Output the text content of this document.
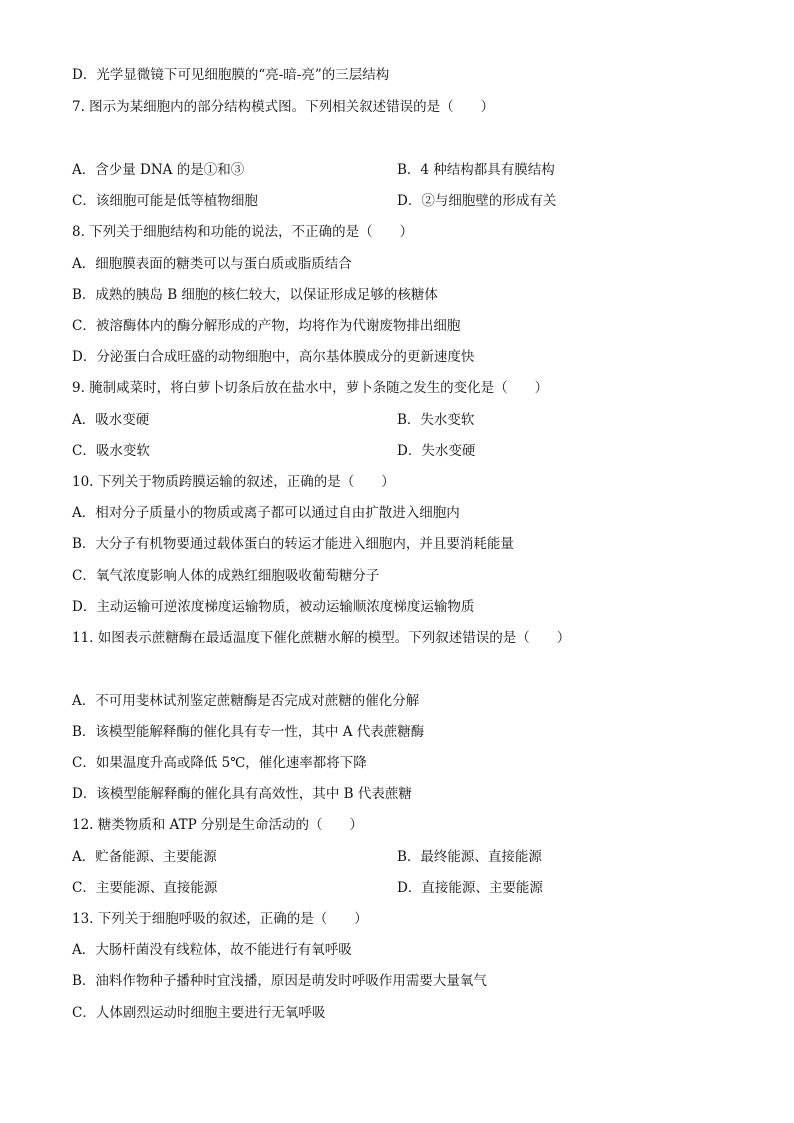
D．光学显微镜下可见细胞膜的“亮-暗-亮”的三层结构
7. 图示为某细胞内的部分结构模式图。下列相关叙述错误的是（　　）
A．含少量 DNA 的是①和③	B．4 种结构都具有膜结构
C．该细胞可能是低等植物细胞	D．②与细胞壁的形成有关
8. 下列关于细胞结构和功能的说法，不正确的是（　　）
A．细胞膜表面的糖类可以与蛋白质或脂质结合
B．成熟的胰岛 B 细胞的核仁较大，以保证形成足够的核糖体
C．被溶酶体内的酶分解形成的产物，均将作为代谢废物排出细胞
D．分泌蛋白合成旺盛的动物细胞中，高尔基体膜成分的更新速度快
9. 腌制咸菜时，将白萝卜切条后放在盐水中，萝卜条随之发生的变化是（　　）
A．吸水变硬	B．失水变软
C．吸水变软	D．失水变硬
10. 下列关于物质跨膜运输的叙述，正确的是（　　）
A．相对分子质量小的物质或离子都可以通过自由扩散进入细胞内
B．大分子有机物要通过载体蛋白的转运才能进入细胞内，并且要消耗能量
C．氧气浓度影响人体的成熟红细胞吸收葡萄糖分子
D．主动运输可逆浓度梯度运输物质，被动运输顺浓度梯度运输物质
11. 如图表示蔗糖酶在最适温度下催化蔗糖水解的模型。下列叙述错误的是（　　）
A．不可用斐林试剂鉴定蔗糖酶是否完成对蔗糖的催化分解
B．该模型能解释酶的催化具有专一性，其中 A 代表蔗糖酶
C．如果温度升高或降低 5℃，催化速率都将下降
D．该模型能解释酶的催化具有高效性，其中 B 代表蔗糖
12. 糖类物质和 ATP 分别是生命活动的（　　）
A．贮备能源、主要能源	B．最终能源、直接能源
C．主要能源、直接能源	D．直接能源、主要能源
13. 下列关于细胞呼吸的叙述，正确的是（　　）
A．大肠杆菌没有线粒体，故不能进行有氧呼吸
B．油料作物种子播种时宜浅播，原因是萌发时呼吸作用需要大量氧气
C．人体剧烈运动时细胞主要进行无氧呼吸
